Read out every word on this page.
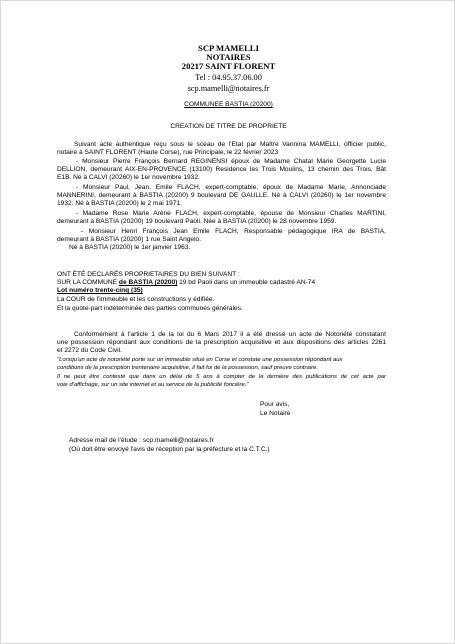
SCP MAMELLI
NOTAIRES
20217 SAINT FLORENT
Tel : 04.95.37.06.00
scp.mamelli@notaires.fr
COMMUNEE BASTIA (20200)
CREATION DE TITRE DE PROPRIETE
Suivant acte authentique reçu sous le sceau de l'Etat par Maître Vannina MAMELLI, officier public,
notaire à SAINT FLORENT (Haute Corse), rue Principale, le 22 février 2023
- Monsieur Pierre François Bernard REGINENSI époux de Madame Chatal Marie Georgette Lucie
DELLION, demeurant AIX-EN-PROVENCE (13100) Residence les Trois Moulins, 13 chemin des Trois, Bât
E1B. Né à CALVI (20260) le 1er novembre 1932.
- Monsieur Paul, Jean, Emile FLACH, expert-comptable, époux de Madame Marie, Annonciade
MANNERINI, demeurant à BASTIA (20200) 9 boulevard DE GAULLE. Né à CALVI (20260) le 1er novembre
1932. Né à BASTIA (20200) le 2 mai 1971.
- Madame Rose Marie Arène FLACH, expert-comptable, épouse de Monsieur Charles MARTINI,
demeurant à BASTIA (20200) 19 boulevard Paoli. Née à BASTIA (20200) le 28 novembre 1959.
- Monsieur Henri François Jean Emile FLACH, Responsable pédagogique IRA de BASTIA,
demeurant à BASTIA (20200) 1 rue Saint Angelo.
Né à BASTIA (20200) le 1er janvier 1963.
ONT ÉTÉ DECLARÉS PROPRIETAIRES DU BIEN SUIVANT :
SUR LA COMMUNE de BASTIA (20200) 19 bd Paoli dans un immeuble cadastré AN-74
Lot numéro trente-cinq (35)
La COUR de l'immeuble et les constructions y édifiée.
Et la quote-part indéterminée des parties communes générales.
Conformément à l'article 1 de la loi du 6 Mars 2017 il a été dressé un acte de Notoriété constatant
une possession répondant aux conditions de la prescription acquisitive et aux dispositions des articles 2261
et 2272 du Code Civil.
"Lorsqu'un acte de notoriété porte sur un immeuble situé en Corse et constate une possession répondant aux
conditions de la prescription trentenaire acquisitive, il fait foi de la possession, sauf preuve contraire.
Il ne peut être contesté que dans un délai de 5 ans à compter de la dernière des publications de cet acte par
voie d'affichage, sur un site internet et au service de la publicité foncière."
Pour avis,
Le Notaire
Adresse mail de l'étude : scp.mamelli@notaires.fr
(Où doit être envoyé l'avis de réception par la préfecture et la C.T.C.)
